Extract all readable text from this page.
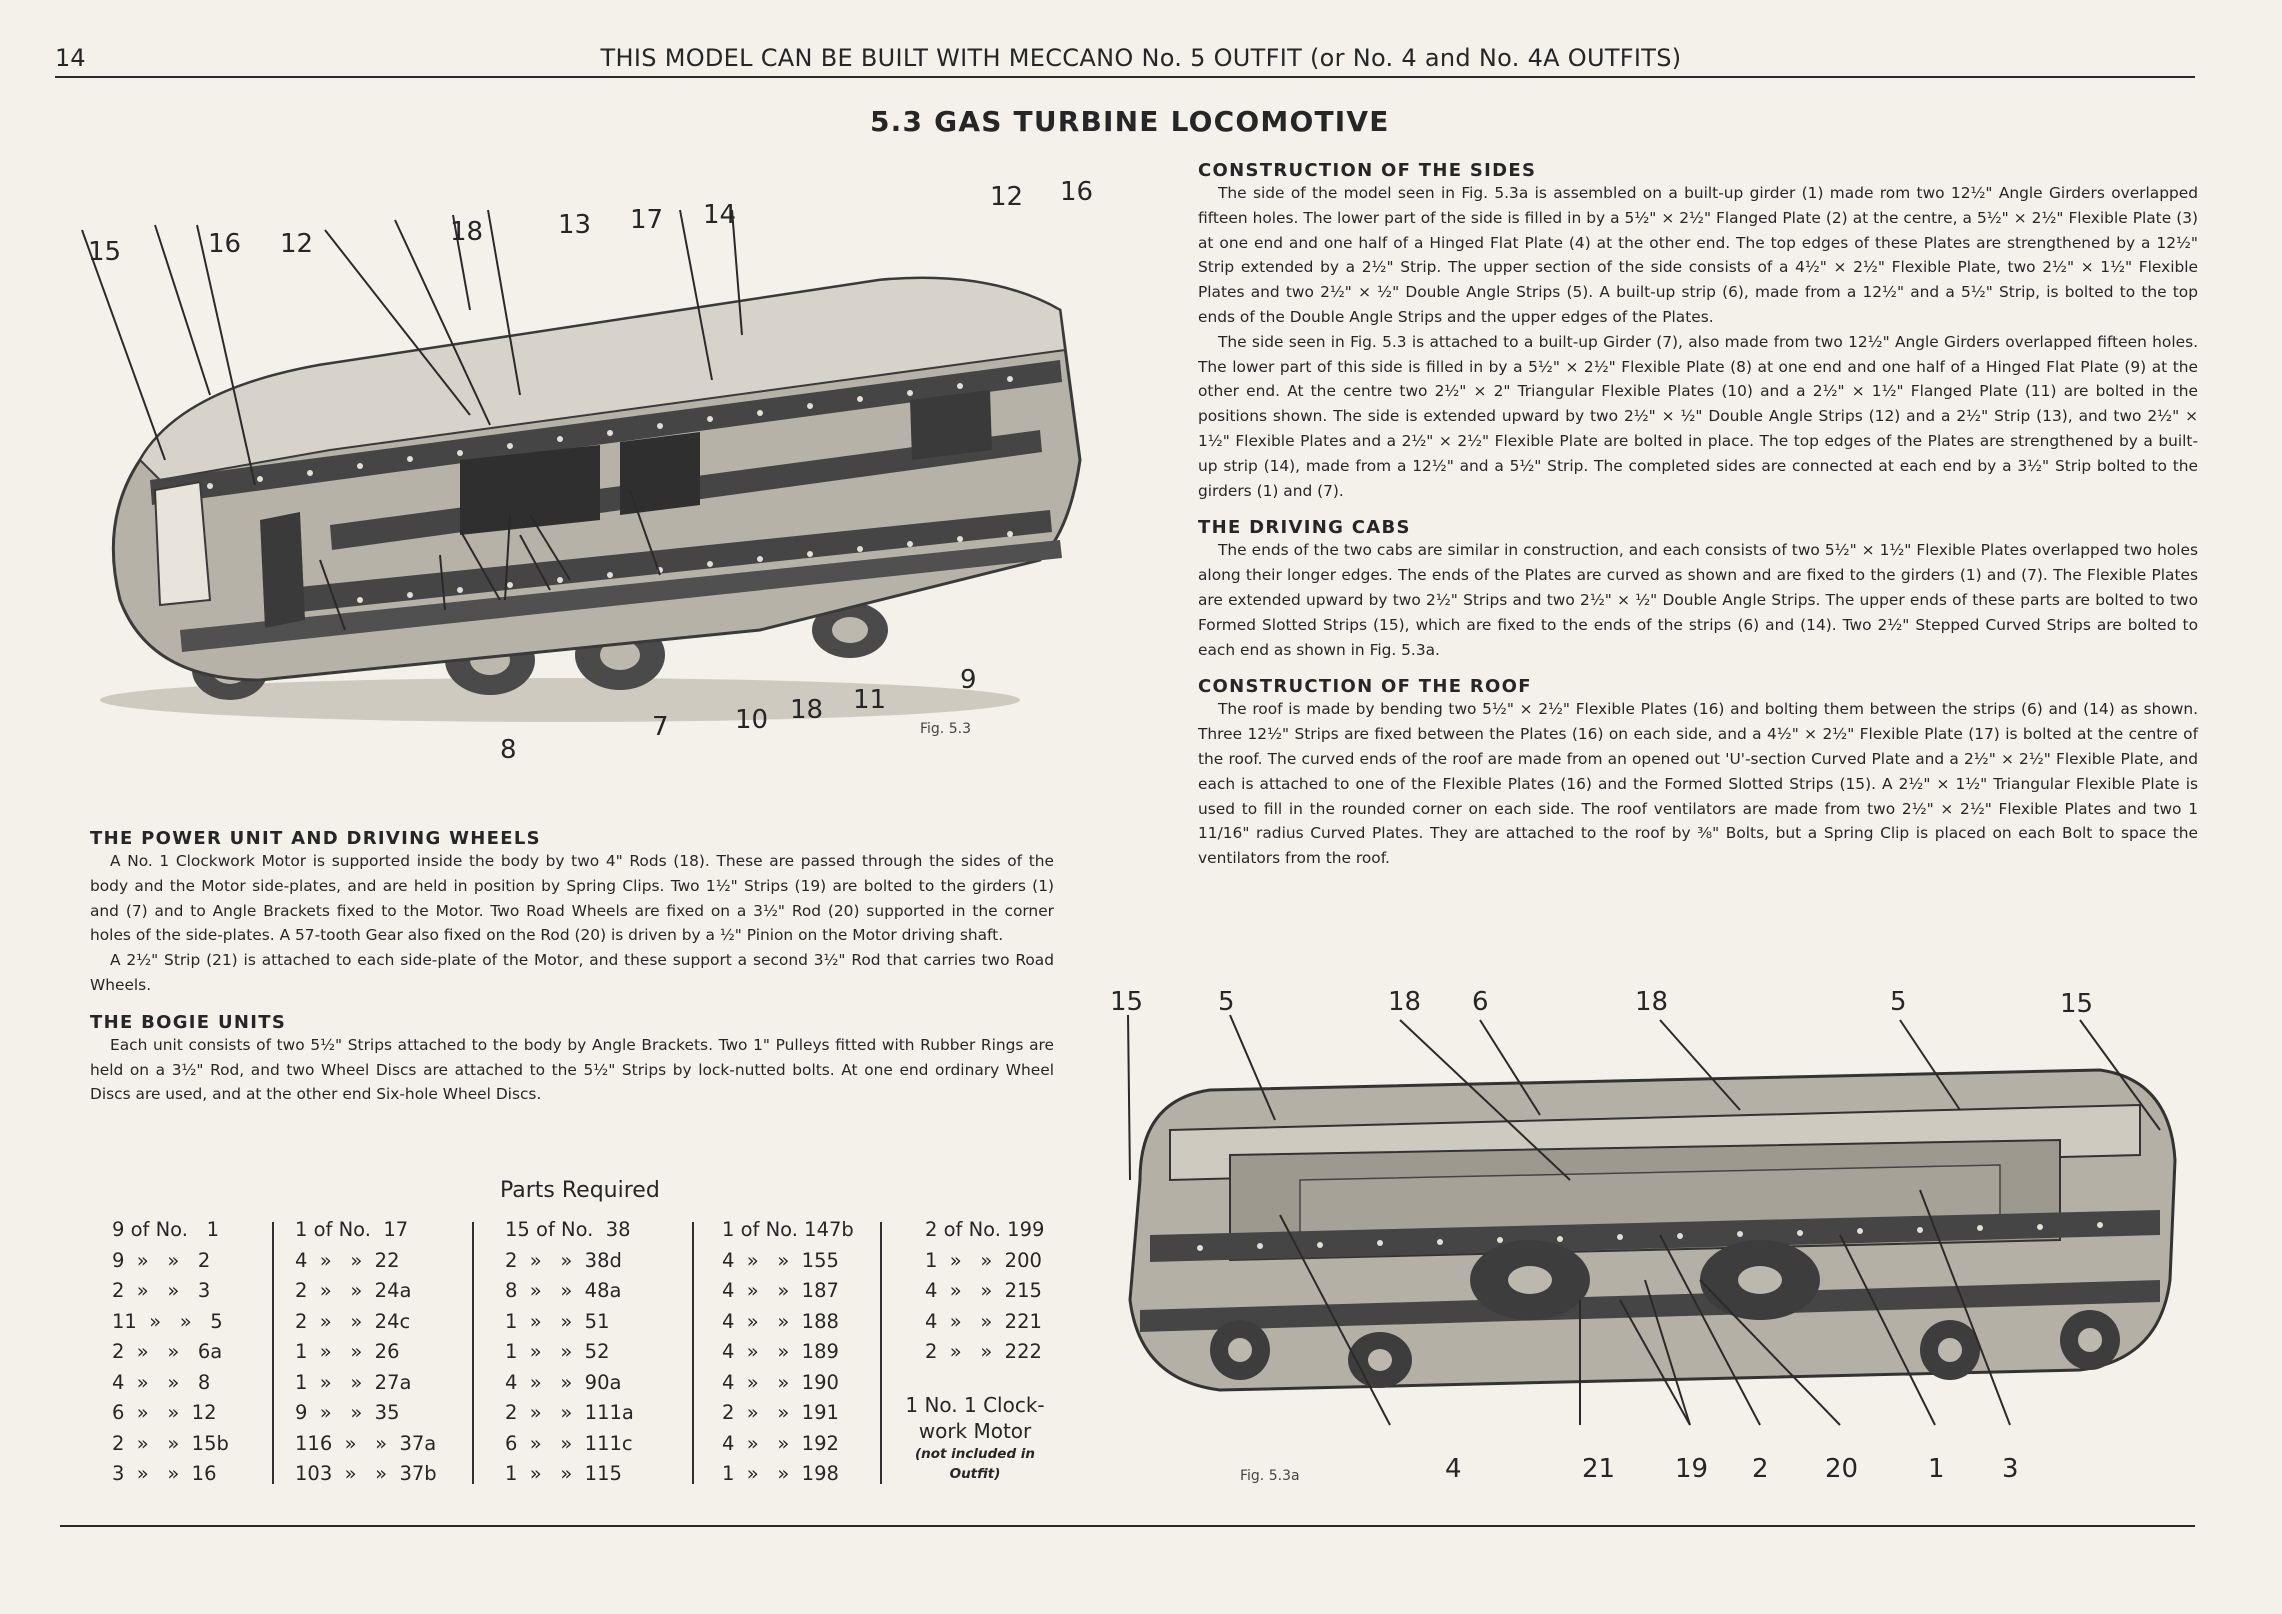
14	THIS MODEL CAN BE BUILT WITH MECCANO No. 5 OUTFIT (or No. 4 and No. 4A OUTFITS)
5.3 GAS TURBINE LOCOMOTIVE
15	16 12	18	13 17 14
12 16
8
7	10 18 11
9
Fig. 5.3
CONSTRUCTION OF THE SIDES

The side of the model seen in Fig. 5.3a is assembled on a built-up girder (1) made rom two 12½" Angle Girders overlapped fifteen holes. The lower part of the side is filled in by a 5½" × 2½" Flanged Plate (2) at the centre, a 5½" × 2½" Flexible Plate (3) at one end and one half of a Hinged Flat Plate (4) at the other end. The top edges of these Plates are strengthened by a 12½" Strip extended by a 2½" Strip. The upper section of the side consists of a 4½" × 2½" Flexible Plate, two 2½" × 1½" Flexible Plates and two 2½" × ½" Double Angle Strips (5). A built-up strip (6), made from a 12½" and a 5½" Strip, is bolted to the top ends of the Double Angle Strips and the upper edges of the Plates.

The side seen in Fig. 5.3 is attached to a built-up Girder (7), also made from two 12½" Angle Girders overlapped fifteen holes. The lower part of this side is filled in by a 5½" × 2½" Flexible Plate (8) at one end and one half of a Hinged Flat Plate (9) at the other end. At the centre two 2½" × 2" Triangular Flexible Plates (10) and a 2½" × 1½" Flanged Plate (11) are bolted in the positions shown. The side is extended upward by two 2½" × ½" Double Angle Strips (12) and a 2½" Strip (13), and two 2½" × 1½" Flexible Plates and a 2½" × 2½" Flexible Plate are bolted in place. The top edges of the Plates are strengthened by a built-up strip (14), made from a 12½" and a 5½" Strip. The completed sides are connected at each end by a 3½" Strip bolted to the girders (1) and (7).

THE DRIVING CABS

The ends of the two cabs are similar in construction, and each consists of two 5½" × 1½" Flexible Plates overlapped two holes along their longer edges. The ends of the Plates are curved as shown and are fixed to the girders (1) and (7). The Flexible Plates are extended upward by two 2½" Strips and two 2½" × ½" Double Angle Strips. The upper ends of these parts are bolted to two Formed Slotted Strips (15), which are fixed to the ends of the strips (6) and (14). Two 2½" Stepped Curved Strips are bolted to each end as shown in Fig. 5.3a.

CONSTRUCTION OF THE ROOF

The roof is made by bending two 5½" × 2½" Flexible Plates (16) and bolting them between the strips (6) and (14) as shown. Three 12½" Strips are fixed between the Plates (16) on each side, and a 4½" × 2½" Flexible Plate (17) is bolted at the centre of the roof. The curved ends of the roof are made from an opened out 'U'-section Curved Plate and a 2½" × 2½" Flexible Plate, and each is attached to one of the Flexible Plates (16) and the Formed Slotted Strips (15). A 2½" × 1½" Triangular Flexible Plate is used to fill in the rounded corner on each side. The roof ventilators are made from two 2½" × 2½" Flexible Plates and two 1 11/16" radius Curved Plates. They are attached to the roof by ⅜" Bolts, but a Spring Clip is placed on each Bolt to space the ventilators from the roof.

THE POWER UNIT AND DRIVING WHEELS

A No. 1 Clockwork Motor is supported inside the body by two 4" Rods (18). These are passed through the sides of the body and the Motor side-plates, and are held in position by Spring Clips. Two 1½" Strips (19) are bolted to the girders (1) and (7) and to Angle Brackets fixed to the Motor. Two Road Wheels are fixed on a 3½" Rod (20) supported in the corner holes of the side-plates. A 57-tooth Gear also fixed on the Rod (20) is driven by a ½" Pinion on the Motor driving shaft.

A 2½" Strip (21) is attached to each side-plate of the Motor, and these support a second 3½" Rod that carries two Road Wheels.

THE BOGIE UNITS

Each unit consists of two 5½" Strips attached to the body by Angle Brackets. Two 1" Pulleys fitted with Rubber Rings are held on a 3½" Rod, and two Wheel Discs are attached to the 5½" Strips by lock-nutted bolts. At one end ordinary Wheel Discs are used, and at the other end Six-hole Wheel Discs.

15	5	18 6	18	5	15
4	21 19 2 20	1 3
Fig. 5.3a
Parts Required
9 of No.   1
9  »   »   2
2  »   »   3
11  »   »   5
2  »   »   6a
4  »   »   8
6  »   »  12
2  »   »  15b
3  »   »  16
1 of No.  17
4  »   »  22
2  »   »  24a
2  »   »  24c
1  »   »  26
1  »   »  27a
9  »   »  35
116  »   »  37a
103  »   »  37b
15 of No.  38
2  »   »  38d
8  »   »  48a
1  »   »  51
1  »   »  52
4  »   »  90a
2  »   »  111a
6  »   »  111c
1  »   »  115
1 of No. 147b
4  »   »  155
4  »   »  187
4  »   »  188
4  »   »  189
4  »   »  190
2  »   »  191
4  »   »  192
1  »   »  198
2 of No. 199
1  »   »  200
4  »   »  215
4  »   »  221
2  »   »  222
1 No. 1 Clock-work Motor
(not included in Outfit)
